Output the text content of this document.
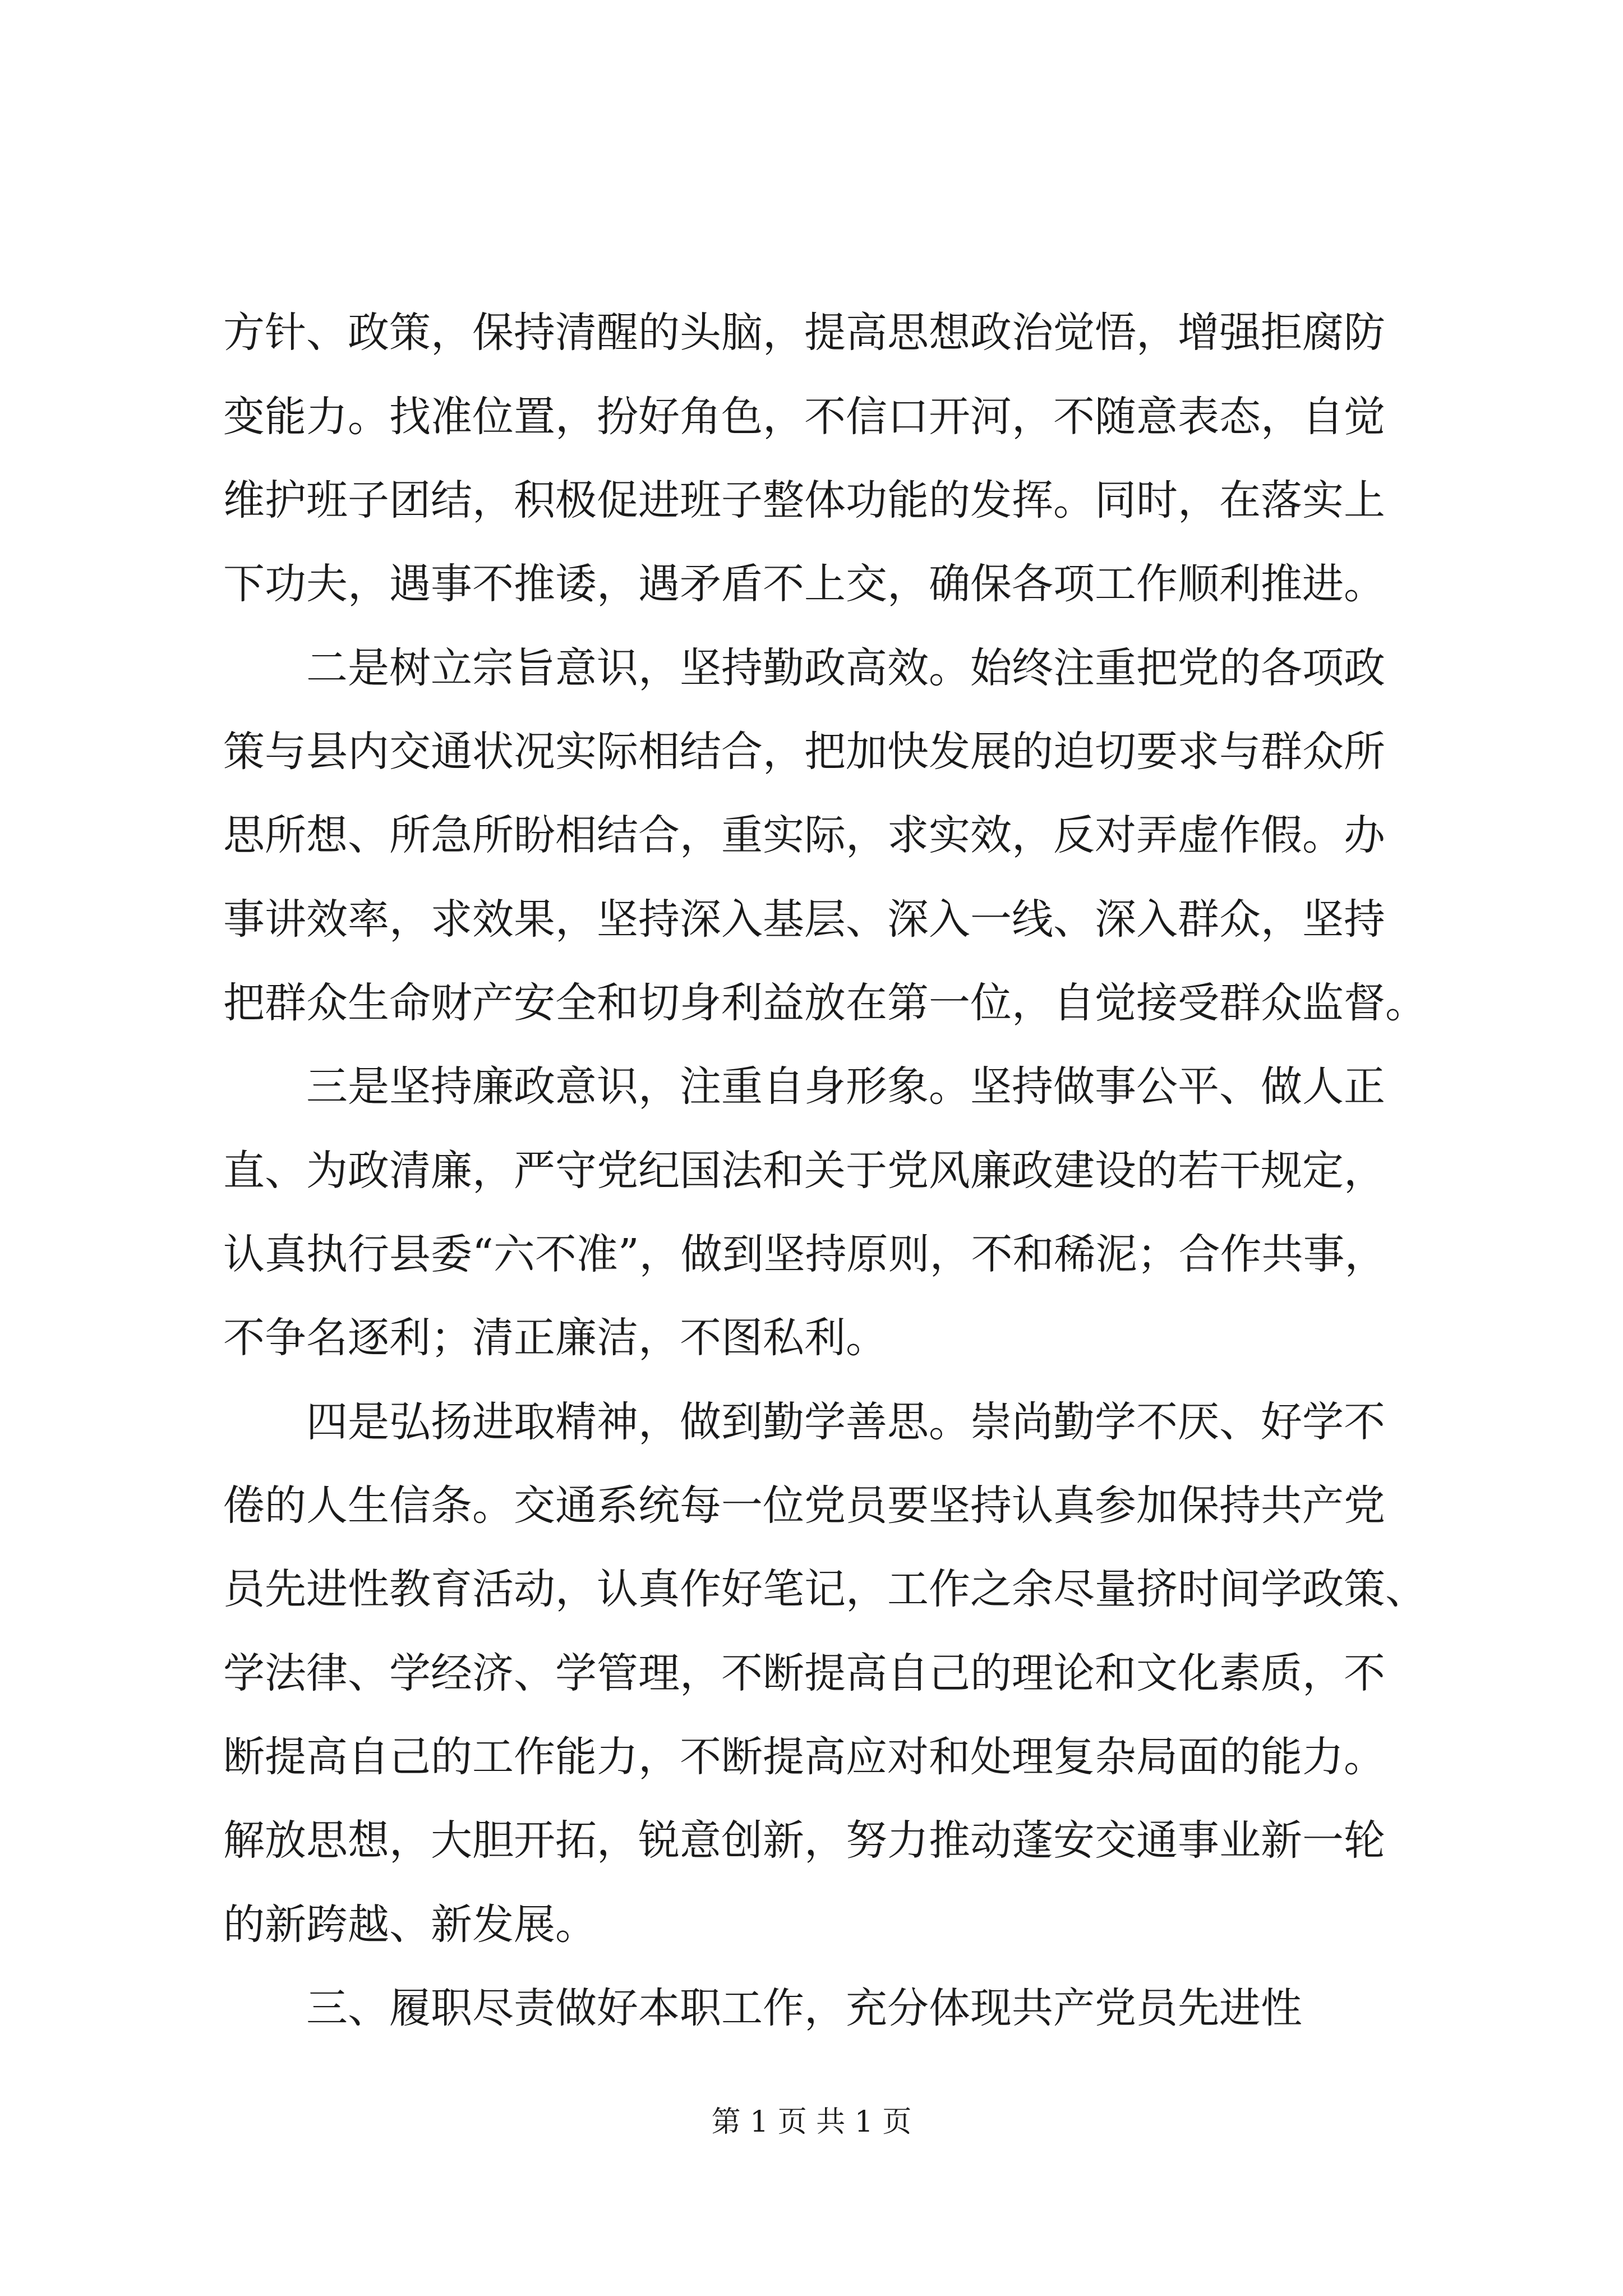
方针、政策，保持清醒的头脑，提高思想政治觉悟，增强拒腐防
变能力。找准位置，扮好角色，不信口开河，不随意表态，自觉
维护班子团结，积极促进班子整体功能的发挥。同时，在落实上
下功夫，遇事不推诿，遇矛盾不上交，确保各项工作顺利推进。
二是树立宗旨意识，坚持勤政高效。始终注重把党的各项政
策与县内交通状况实际相结合，把加快发展的迫切要求与群众所
思所想、所急所盼相结合，重实际，求实效，反对弄虚作假。办
事讲效率，求效果，坚持深入基层、深入一线、深入群众，坚持
把群众生命财产安全和切身利益放在第一位，自觉接受群众监督。
三是坚持廉政意识，注重自身形象。坚持做事公平、做人正
直、为政清廉，严守党纪国法和关于党风廉政建设的若干规定，
认真执行县委“六不准”，做到坚持原则，不和稀泥；合作共事，
不争名逐利；清正廉洁，不图私利。
四是弘扬进取精神，做到勤学善思。崇尚勤学不厌、好学不
倦的人生信条。交通系统每一位党员要坚持认真参加保持共产党
员先进性教育活动，认真作好笔记，工作之余尽量挤时间学政策、
学法律、学经济、学管理，不断提高自己的理论和文化素质，不
断提高自己的工作能力，不断提高应对和处理复杂局面的能力。
解放思想，大胆开拓，锐意创新，努力推动蓬安交通事业新一轮
的新跨越、新发展。
三、履职尽责做好本职工作，充分体现共产党员先进性
第 1 页 共 1 页
